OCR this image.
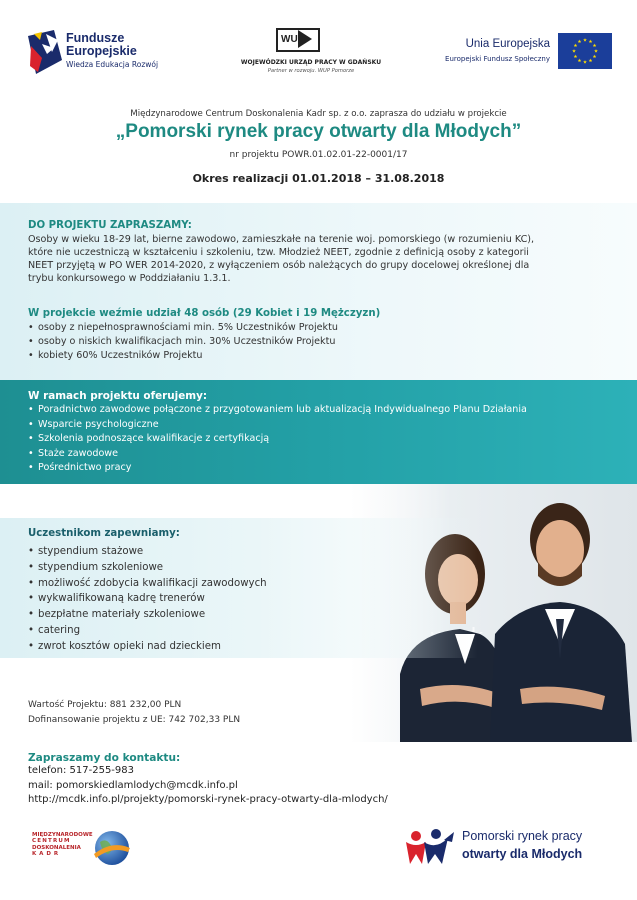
Fundusze
Europejskie
Wiedza Edukacja Rozwój
WUP
WOJEWÓDZKI URZĄD PRACY W GDAŃSKU
Partner w rozwoju. WUP Pomorze
Unia Europejska
Europejski Fundusz Społeczny
Międzynarodowe Centrum Doskonalenia Kadr sp. z o.o. zaprasza do udziału w projekcie
„Pomorski rynek pracy otwarty dla Młodych”
nr projektu POWR.01.02.01-22-0001/17
Okres realizacji 01.01.2018 – 31.08.2018
DO PROJEKTU ZAPRASZAMY:
Osoby w wieku 18-29 lat, bierne zawodowo, zamieszkałe na terenie woj. pomorskiego (w rozumieniu KC),
które nie uczestniczą w kształceniu i szkoleniu, tzw. Młodzież NEET, zgodnie z definicją osoby z kategorii
NEET przyjętą w PO WER 2014-2020, z wyłączeniem osób należących do grupy docelowej określonej dla
trybu konkursowego w Poddziałaniu 1.3.1.
W projekcie weźmie udział 48 osób (29 Kobiet i 19 Mężczyzn)
• osoby z niepełnosprawnościami min. 5% Uczestników Projektu
• osoby o niskich kwalifikacjach min. 30% Uczestników Projektu
• kobiety 60% Uczestników Projektu
W ramach projektu oferujemy:
• Poradnictwo zawodowe połączone z przygotowaniem lub aktualizacją Indywidualnego Planu Działania
• Wsparcie psychologiczne
• Szkolenia podnoszące kwalifikacje z certyfikacją
• Staże zawodowe
• Pośrednictwo pracy
Uczestnikom zapewniamy:
• stypendium stażowe
• stypendium szkoleniowe
• możliwość zdobycia kwalifikacji zawodowych
• wykwalifikowaną kadrę trenerów
• bezpłatne materiały szkoleniowe
• catering
• zwrot kosztów opieki nad dzieckiem
Wartość Projektu: 881 232,00 PLN
Dofinansowanie projektu z UE: 742 702,33 PLN
Zapraszamy do kontaktu:
telefon: 517-255-983
mail: pomorskiedlamlodych@mcdk.info.pl
http://mcdk.info.pl/projekty/pomorski-rynek-pracy-otwarty-dla-mlodych/
MIĘDZYNARODOWE
CENTRUM
DOSKONALENIA
K A D R
Pomorski rynek pracy
otwarty dla Młodych
